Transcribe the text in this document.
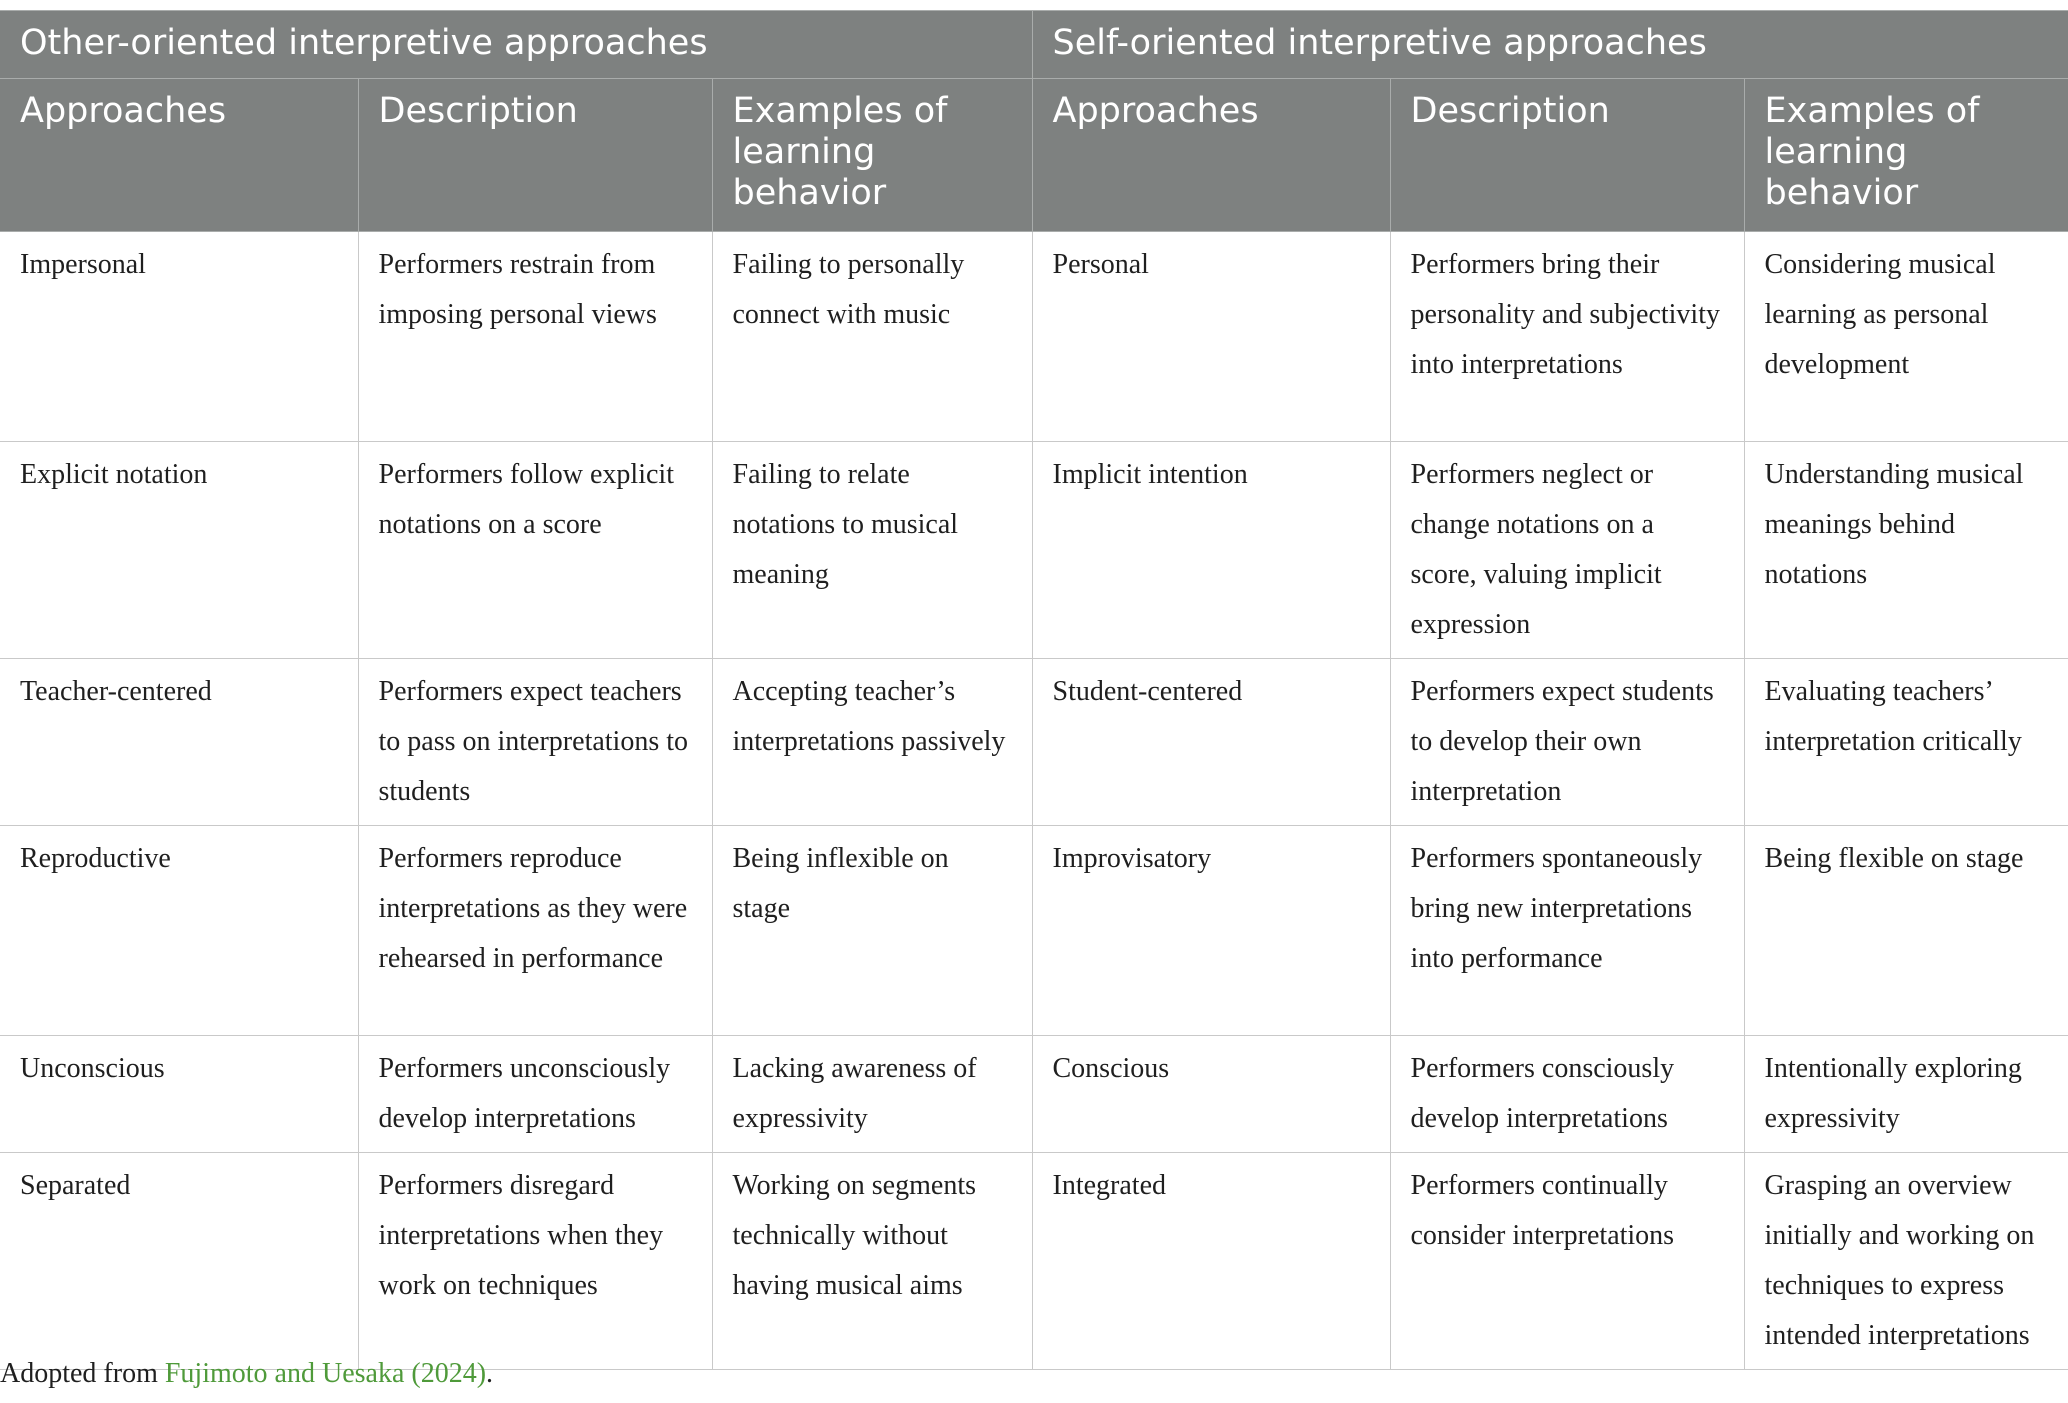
Other-oriented interpretive approaches			Self-oriented interpretive approaches		
Approaches	Description	Examples of learning behavior	Approaches	Description	Examples of learning behavior
Impersonal	Performers restrain from imposing personal views	Failing to personally connect with music	Personal	Performers bring their personality and subjectivity into interpretations	Considering musical learning as personal development
Explicit notation	Performers follow explicit notations on a score	Failing to relate notations to musical meaning	Implicit intention	Performers neglect or change notations on a score, valuing implicit expression	Understanding musical meanings behind notations
Teacher-centered	Performers expect teachers to pass on interpretations to students	Accepting teacher’s interpretations passively	Student-centered	Performers expect students to develop their own interpretation	Evaluating teachers’ interpretation critically
Reproductive	Performers reproduce interpretations as they were rehearsed in performance	Being inflexible on stage	Improvisatory	Performers spontaneously bring new interpretations into performance	Being flexible on stage
Unconscious	Performers unconsciously develop interpretations	Lacking awareness of expressivity	Conscious	Performers consciously develop interpretations	Intentionally exploring expressivity
Separated	Performers disregard interpretations when they work on techniques	Working on segments technically without having musical aims	Integrated	Performers continually consider interpretations	Grasping an overview initially and working on techniques to express intended interpretations
Adopted from Fujimoto and Uesaka (2024).
